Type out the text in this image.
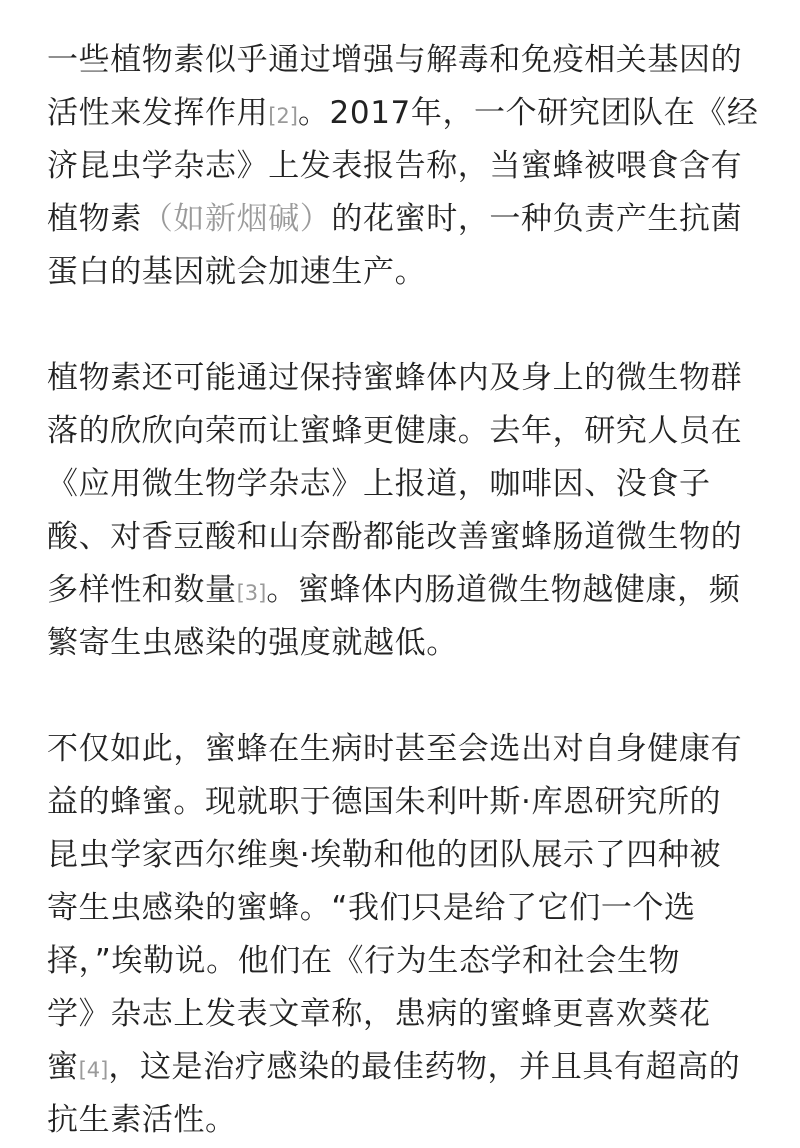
一些植物素似乎通过增强与解毒和免疫相关基因的
活性来发挥作用[2]。2017年，一个研究团队在《经
济昆虫学杂志》上发表报告称，当蜜蜂被喂食含有
植物素（如新烟碱）的花蜜时，一种负责产生抗菌
蛋白的基因就会加速生产。

植物素还可能通过保持蜜蜂体内及身上的微生物群
落的欣欣向荣而让蜜蜂更健康。去年，研究人员在
《应用微生物学杂志》上报道，咖啡因、没食子
酸、对香豆酸和山奈酚都能改善蜜蜂肠道微生物的
多样性和数量[3]。蜜蜂体内肠道微生物越健康，频
繁寄生虫感染的强度就越低。

不仅如此，蜜蜂在生病时甚至会选出对自身健康有
益的蜂蜜。现就职于德国朱利叶斯·库恩研究所的
昆虫学家西尔维奥·埃勒和他的团队展示了四种被
寄生虫感染的蜜蜂。“我们只是给了它们一个选
择，”埃勒说。他们在《行为生态学和社会生物
学》杂志上发表文章称，患病的蜜蜂更喜欢葵花
蜜[4]，这是治疗感染的最佳药物，并且具有超高的
抗生素活性。
